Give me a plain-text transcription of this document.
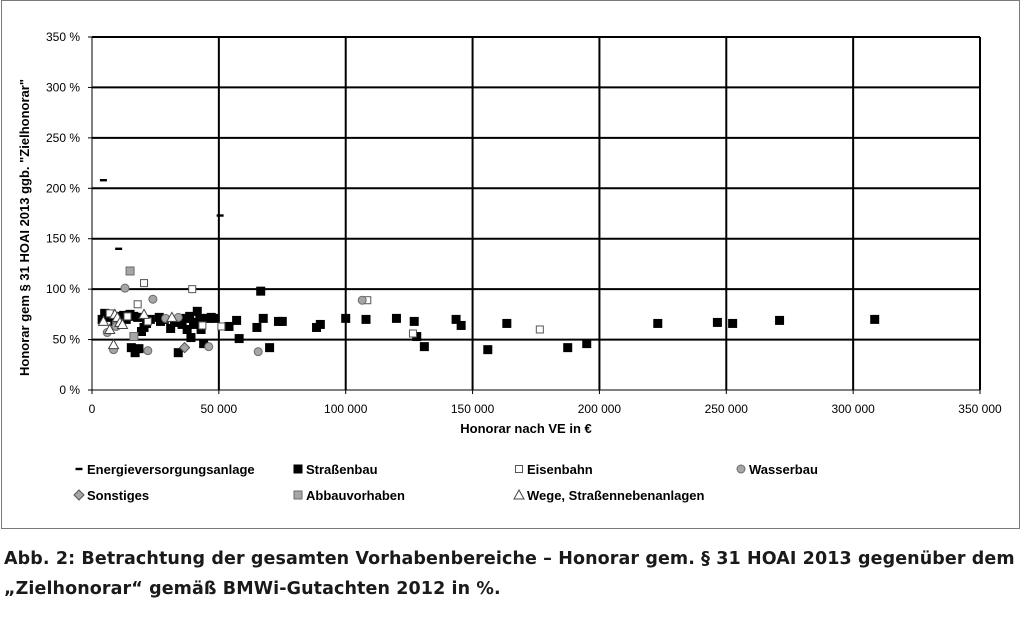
0 %
50 %
100 %
150 %
200 %
250 %
300 %
350 %
0	50 000	100 000	150 000	200 000	250 000	300 000	350 000
Honorar nach VE in €
Honorar gem § 31 HOAI 2013 ggb. "Zielhonorar"
Energieversorgungsanlage	Straßenbau	Eisenbahn	Wasserbau
Sonstiges	Abbauvorhaben	Wege, Straßennebenanlagen
Abb. 2: Betrachtung der gesamten Vorhabenbereiche – Honorar gem. § 31 HOAI 2013 gegenüber dem
„Zielhonorar“ gemäß BMWi-Gutachten 2012 in %.
